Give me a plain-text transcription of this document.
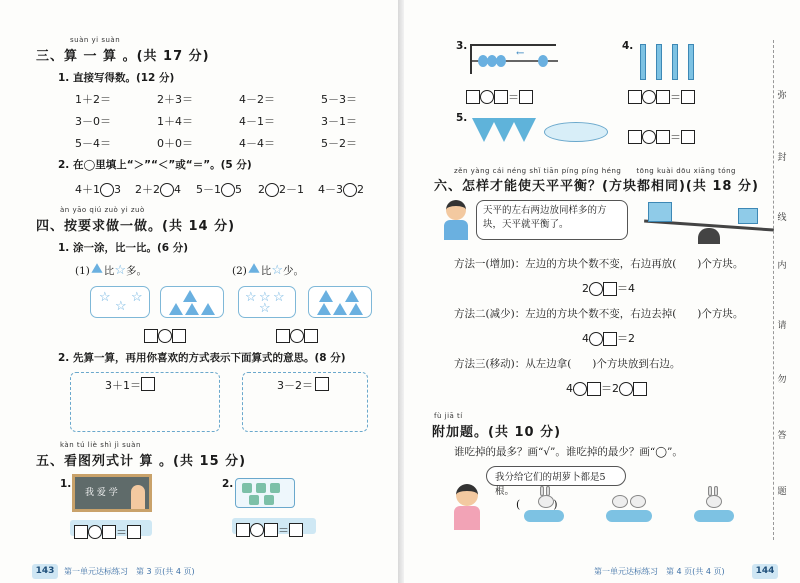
suàn yi suàn
三、算 一 算 。(共 17 分)
1. 直接写得数。(12 分)
1＋2＝	2＋3＝	4－2＝	5－3＝
3－0＝	1＋4＝	4－1＝	3－1＝
5－4＝	0＋0＝	4－4＝	5－2＝
2. 在◯里填上“＞”“＜”或“＝”。(5 分)
4＋1 3 2＋2 4 5－1 5 2 2－1 4－3 2
àn yāo qiú zuò yi zuò
四、按要求做一做。(共 14 分)
1. 涂一涂，比一比。(6 分)
(1) 比☆多。	(2) 比☆少。
☆
☆
☆	☆ ☆ ☆
☆
2. 先算一算，再用你喜欢的方式表示下面算式的意思。(8 分)
3＋1＝	3－2＝
kàn tú liè shì jì suàn
五、看图列式计 算 。(共 15 分)
1.
我 爱 学
＝
2.
＝
143	第一单元达标练习　第 3 页(共 4 页)
3.
←
＝
4.
＝
5.
＝
zěn yàng cái néng shǐ tiān píng píng héng　　tōng kuài dōu xiāng tóng
六、怎样才能使天平平衡？(方块都相同)(共 18 分)
天平的左右两边放同样多的方块，天平就平衡了。
方法一(增加)：左边的方块个数不变，右边再放(　　)个方块。
2	＝4
方法二(减少)：左边的方块个数不变，右边去掉(　　)个方块。
4	＝2
方法三(移动)：从左边拿(　　)个方块放到右边。
4	＝2
fù jiā tí
附加题。(共 10 分)
谁吃掉的最多？画“√”。谁吃掉的最少？画“◯”。
我分给它们的胡萝卜都是5根。
(　　　)
第一单元达标练习　第 4 页(共 4 页)	144
弥
封
线
内
请
勿
答
题
